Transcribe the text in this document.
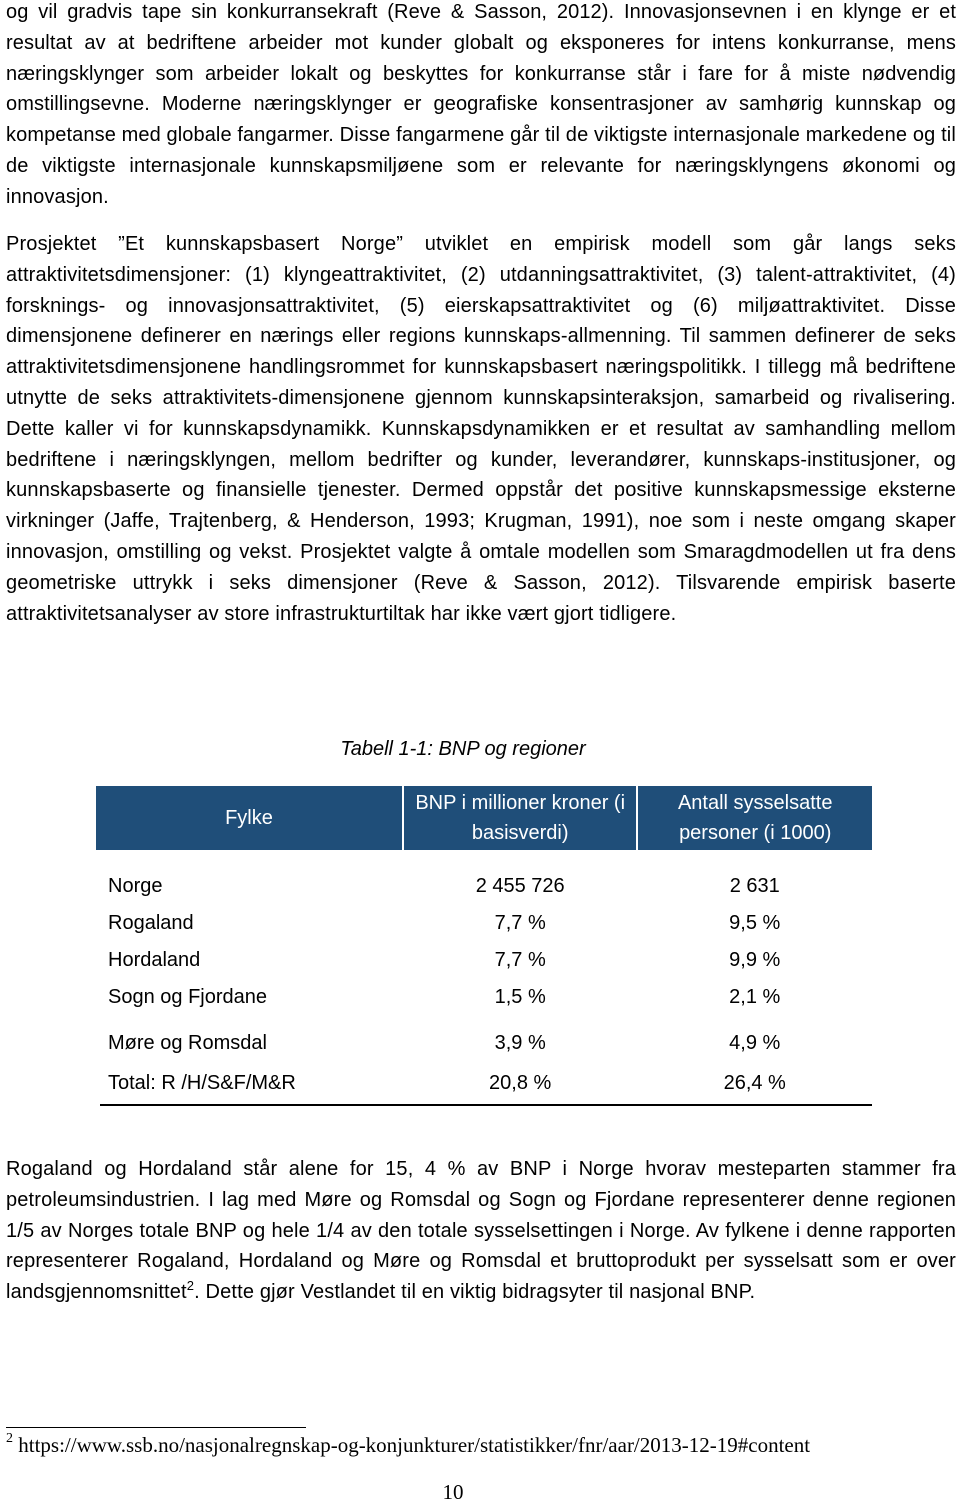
og vil gradvis tape sin konkurransekraft (Reve & Sasson, 2012). Innovasjonsevnen i en klynge er et resultat av at bedriftene arbeider mot kunder globalt og eksponeres for intens konkurranse, mens næringsklynger som arbeider lokalt og beskyttes for konkurranse står i fare for å miste nødvendig omstillingsevne. Moderne næringsklynger er geografiske konsentrasjoner av samhørig kunnskap og kompetanse med globale fangarmer. Disse fangarmene går til de viktigste internasjonale markedene og til de viktigste internasjonale kunnskapsmiljøene som er relevante for næringsklyngens økonomi og innovasjon.

Prosjektet ”Et kunnskapsbasert Norge” utviklet en empirisk modell som går langs seks attraktivitetsdimensjoner: (1) klyngeattraktivitet, (2) utdanningsattraktivitet, (3) talent-attraktivitet, (4) forsknings- og innovasjonsattraktivitet, (5) eierskapsattraktivitet og (6) miljøattraktivitet. Disse dimensjonene definerer en nærings eller regions kunnskaps-allmenning. Til sammen definerer de seks attraktivitetsdimensjonene handlingsrommet for kunnskapsbasert næringspolitikk. I tillegg må bedriftene utnytte de seks attraktivitets-dimensjonene gjennom kunnskapsinteraksjon, samarbeid og rivalisering. Dette kaller vi for kunnskapsdynamikk. Kunnskapsdynamikken er et resultat av samhandling mellom bedriftene i næringsklyngen, mellom bedrifter og kunder, leverandører, kunnskaps-institusjoner, og kunnskapsbaserte og finansielle tjenester. Dermed oppstår det positive kunnskapsmessige eksterne virkninger (Jaffe, Trajtenberg, & Henderson, 1993; Krugman, 1991), noe som i neste omgang skaper innovasjon, omstilling og vekst. Prosjektet valgte å omtale modellen som Smaragdmodellen ut fra dens geometriske uttrykk i seks dimensjoner (Reve & Sasson, 2012). Tilsvarende empirisk baserte attraktivitetsanalyser av store infrastrukturtiltak har ikke vært gjort tidligere.

Tabell 1-1: BNP og regioner
Fylke	BNP i millioner kroner (i basisverdi)	Antall sysselsatte personer (i 1000)
Norge	2 455 726	2 631
Rogaland	7,7 %	9,5 %
Hordaland	7,7 %	9,9 %
Sogn og Fjordane	1,5 %	2,1 %
Møre og Romsdal	3,9 %	4,9 %
Total: R /H/S&F/M&R	20,8 %	26,4 %

Rogaland og Hordaland står alene for 15, 4 % av BNP i Norge hvorav mesteparten stammer fra petroleumsindustrien. I lag med Møre og Romsdal og Sogn og Fjordane representerer denne regionen 1/5 av Norges totale BNP og hele 1/4 av den totale sysselsettingen i Norge. Av fylkene i denne rapporten representerer Rogaland, Hordaland og Møre og Romsdal et bruttoprodukt per sysselsatt som er over landsgjennomsnittet$^2$. Dette gjør Vestlandet til en viktig bidragsyter til nasjonal BNP.

$^2$ https://www.ssb.no/nasjonalregnskap-og-konjunkturer/statistikker/fnr/aar/2013-12-19#content
10
